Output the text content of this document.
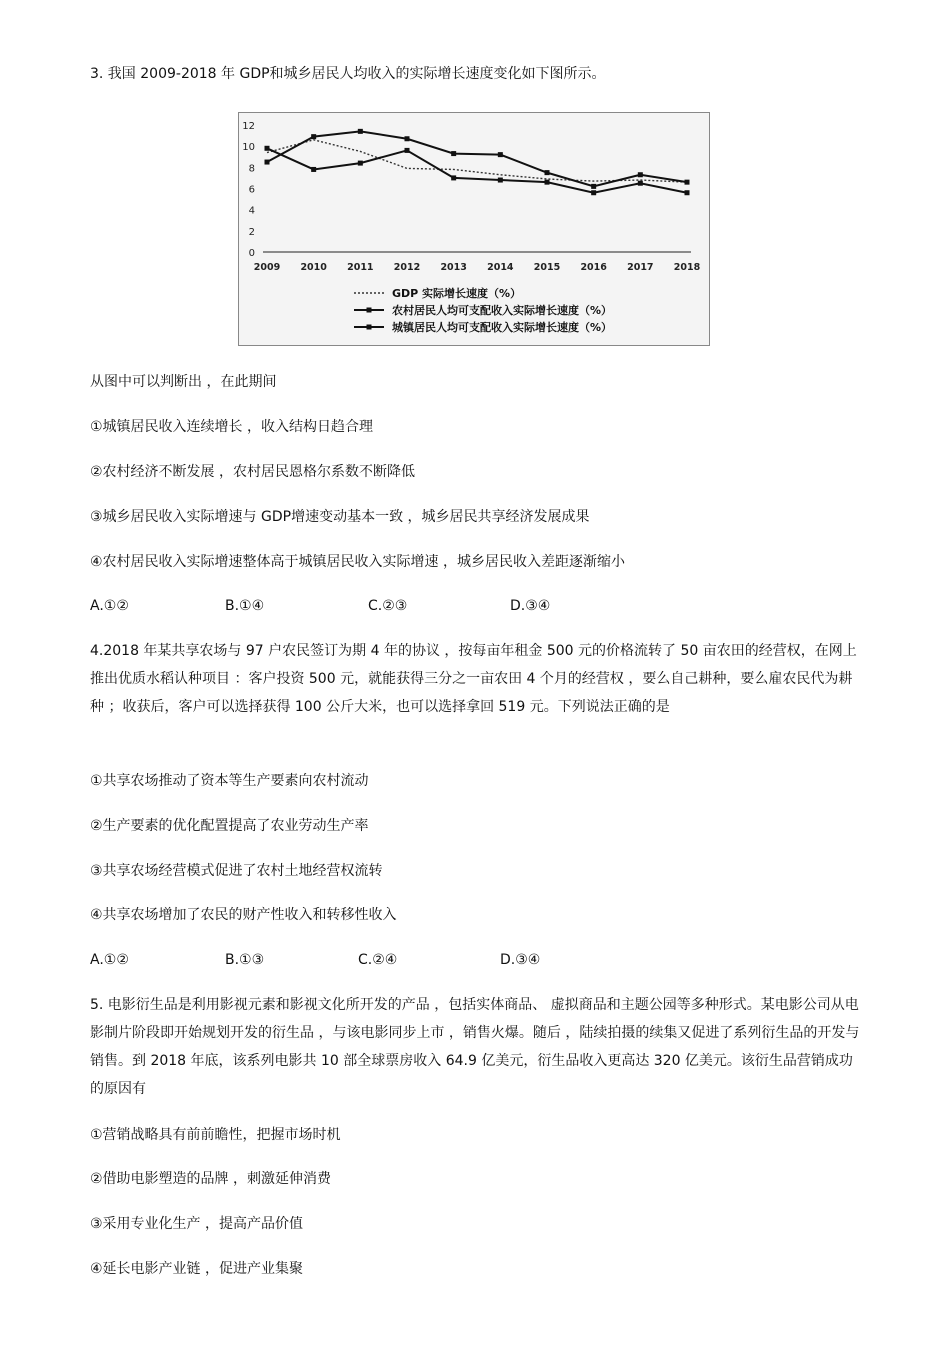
3. 我国 2009-2018 年 GDP和城乡居民人均收入的实际增长速度变化如下图所示。
0
2
4
6
8
10
12
2009 2010 2011 2012 2013 2014 2015 2016 2017 2018
GDP 实际增长速度（%）
农村居民人均可支配收入实际增长速度（%）
城镇居民人均可支配收入实际增长速度（%）
从图中可以判断出 ，在此期间
①城镇居民收入连续增长 ，收入结构日趋合理
②农村经济不断发展 ，农村居民恩格尔系数不断降低
③城乡居民收入实际增速与 GDP增速变动基本一致 ，城乡居民共享经济发展成果
④农村居民收入实际增速整体高于城镇居民收入实际增速 ，城乡居民收入差距逐渐缩小
A.①②	B.①④	C.②③	D.③④
4.2018 年某共享农场与 97 户农民签订为期 4 年的协议 ，按每亩年租金 500 元的价格流转了 50 亩农田的经营权，在网上推出优质水稻认种项目 ：客户投资 500 元，就能获得三分之一亩农田 4 个月的经营权 ，要么自己耕种，要么雇农民代为耕种 ；收获后，客户可以选择获得 100 公斤大米，也可以选择拿回 519 元。下列说法正确的是
①共享农场推动了资本等生产要素向农村流动
②生产要素的优化配置提高了农业劳动生产率
③共享农场经营模式促进了农村土地经营权流转
④共享农场增加了农民的财产性收入和转移性收入
A.①②	B.①③	C.②④	D.③④
5. 电影衍生品是利用影视元素和影视文化所开发的产品 ，包括实体商品、 虚拟商品和主题公园等多种形式。某电影公司从电影制片阶段即开始规划开发的衍生品 ，与该电影同步上市 ，销售火爆。随后 ，陆续拍摄的续集又促进了系列衍生品的开发与销售。到 2018 年底，该系列电影共 10 部全球票房收入 64.9 亿美元，衍生品收入更高达 320 亿美元。该衍生品营销成功的原因有
①营销战略具有前前瞻性，把握市场时机
②借助电影塑造的品牌 ，刺激延伸消费
③采用专业化生产 ，提高产品价值
④延长电影产业链 ，促进产业集聚
